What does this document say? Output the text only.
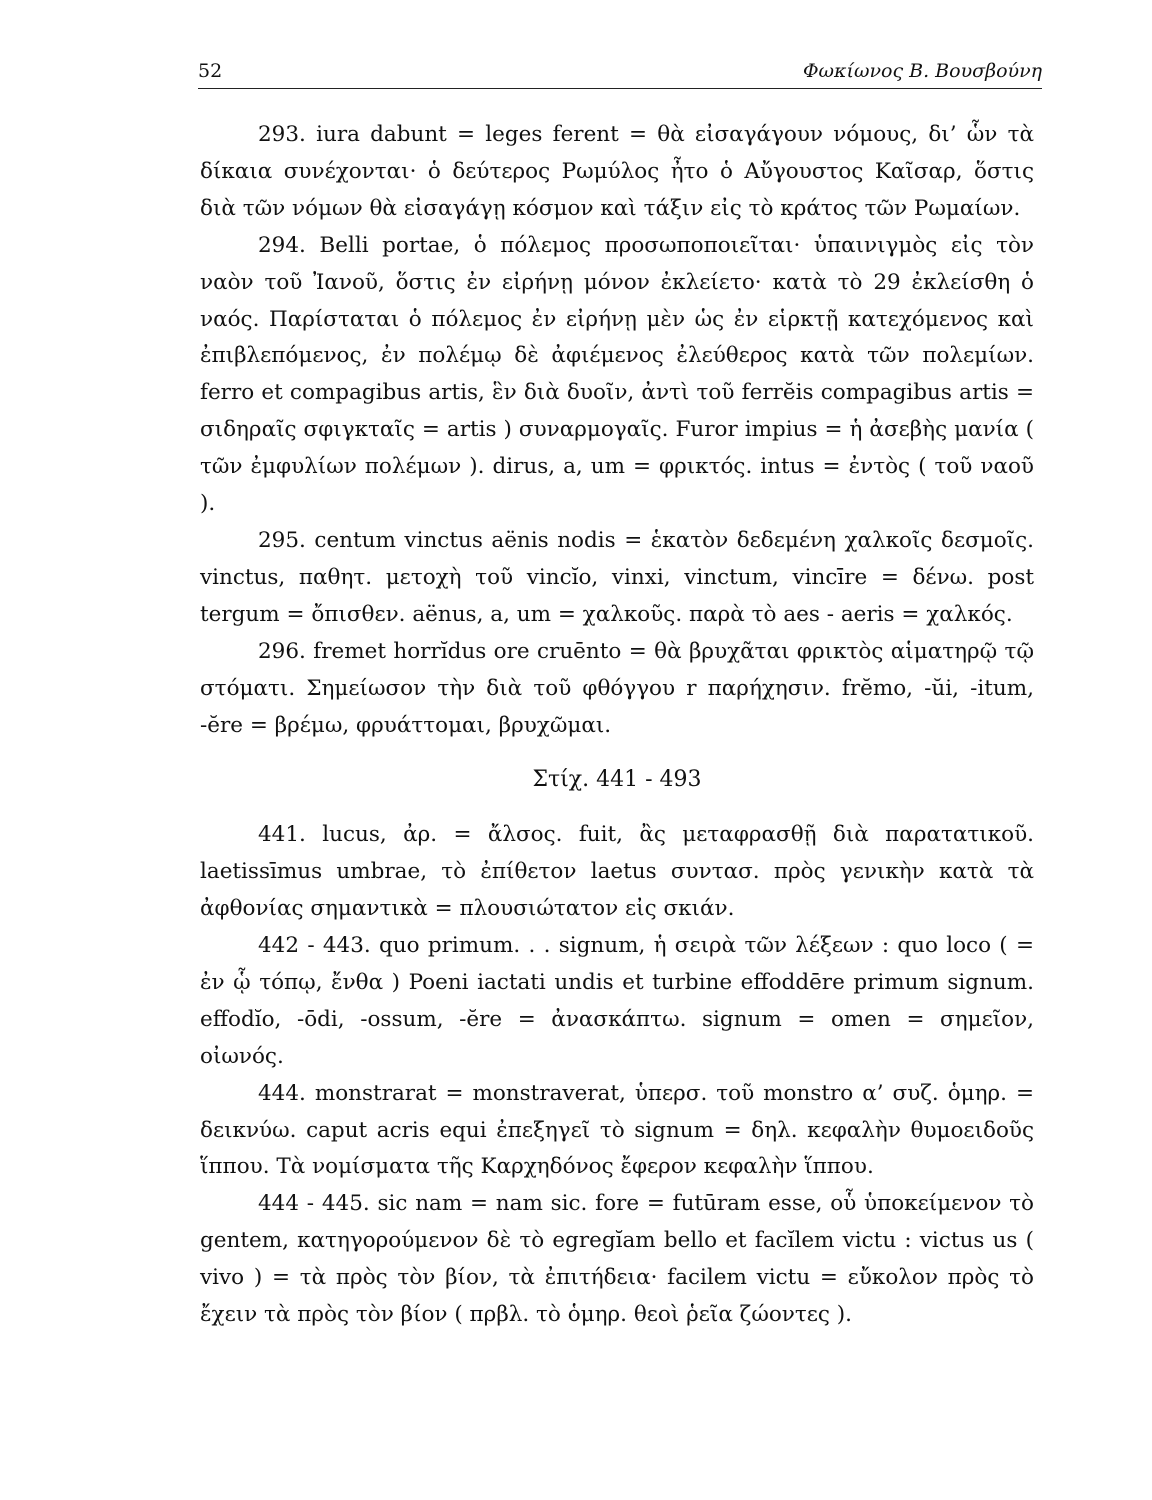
52	Φωκίωνος Β. Βουσβούνη

293. iura dabunt = leges ferent = θὰ εἰσαγάγουν νόμους, δι’ ὧν τὰ δίκαια συνέχονται· ὁ δεύτερος Ρωμύλος ἦτο ὁ Αὔγουστος Καῖσαρ, ὅστις διὰ τῶν νόμων θὰ εἰσαγάγῃ κόσμον καὶ τάξιν εἰς τὸ κράτος τῶν Ρωμαίων.

294. Belli portae, ὁ πόλεμος προσωποποιεῖται· ὑπαινιγμὸς εἰς τὸν ναὸν τοῦ Ἰανοῦ, ὅστις ἐν εἰρήνῃ μόνον ἐκλείετο· κατὰ τὸ 29 ἐκλείσθη ὁ ναός. Παρίσταται ὁ πόλεμος ἐν εἰρήνῃ μὲν ὡς ἐν εἱρκτῇ κατεχόμενος καὶ ἐπιβλεπόμενος, ἐν πολέμῳ δὲ ἀφιέμενος ἐλεύθερος κατὰ τῶν πολεμίων. ferro et compagibus artis, ἓν διὰ δυοῖν, ἀντὶ τοῦ ferrĕis compagibus artis = σιδηραῖς σφιγκταῖς = artis ) συναρμογαῖς. Furor impius = ἡ ἀσεβὴς μανία ( τῶν ἐμφυλίων πολέμων ). dirus, a, um = φρικτός. intus = ἐντὸς ( τοῦ ναοῦ ).

295. centum vinctus aënis nodis = ἑκατὸν δεδεμένη χαλκοῖς δεσμοῖς. vinctus, παθητ. μετοχὴ τοῦ vincĭo, vinxi, vinctum, vincīre = δένω. post tergum = ὄπισθεν. aënus, a, um = χαλκοῦς. παρὰ τὸ aes - aeris = χαλκός.

296. fremet horrĭdus ore cruēnto = θὰ βρυχᾶται φρικτὸς αἱματηρῷ τῷ στόματι. Σημείωσον τὴν διὰ τοῦ φθόγγου r παρήχησιν. frĕmo, -ŭi, -itum, -ĕre = βρέμω, φρυάττομαι, βρυχῶμαι.

Στίχ. 441 - 493

441. lucus, ἀρ. = ἄλσος. fuit, ἂς μεταφρασθῇ διὰ παρατατικοῦ. laetissīmus umbrae, τὸ ἐπίθετον laetus συντασ. πρὸς γενικὴν κατὰ τὰ ἀφθονίας σημαντικὰ = πλουσιώτατον εἰς σκιάν.

442 - 443. quo primum. . . signum, ἡ σειρὰ τῶν λέξεων : quo loco ( = ἐν ᾧ τόπῳ, ἔνθα ) Poeni iactati undis et turbine effoddēre primum signum. effodĭo, -ōdi, -ossum, -ĕre = ἀνασκάπτω. signum = omen = σημεῖον, οἰωνός.

444. monstrarat = monstraverat, ὑπερσ. τοῦ monstro α’ συζ. ὁμηρ. = δεικνύω. caput acris equi ἐπεξηγεῖ τὸ signum = δηλ. κεφαλὴν θυμοειδοῦς ἵππου. Τὰ νομίσματα τῆς Καρχηδόνος ἔφερον κεφαλὴν ἵππου.

444 - 445. sic nam = nam sic. fore = futūram esse, οὗ ὑποκείμενον τὸ gentem, κατηγορούμενον δὲ τὸ egregĭam bello et facĭlem victu : victus us ( vivo ) = τὰ πρὸς τὸν βίον, τὰ ἐπιτήδεια· facilem victu = εὔκολον πρὸς τὸ ἔχειν τὰ πρὸς τὸν βίον ( πρβλ. τὸ ὁμηρ. θεοὶ ῥεῖα ζώοντες ).
